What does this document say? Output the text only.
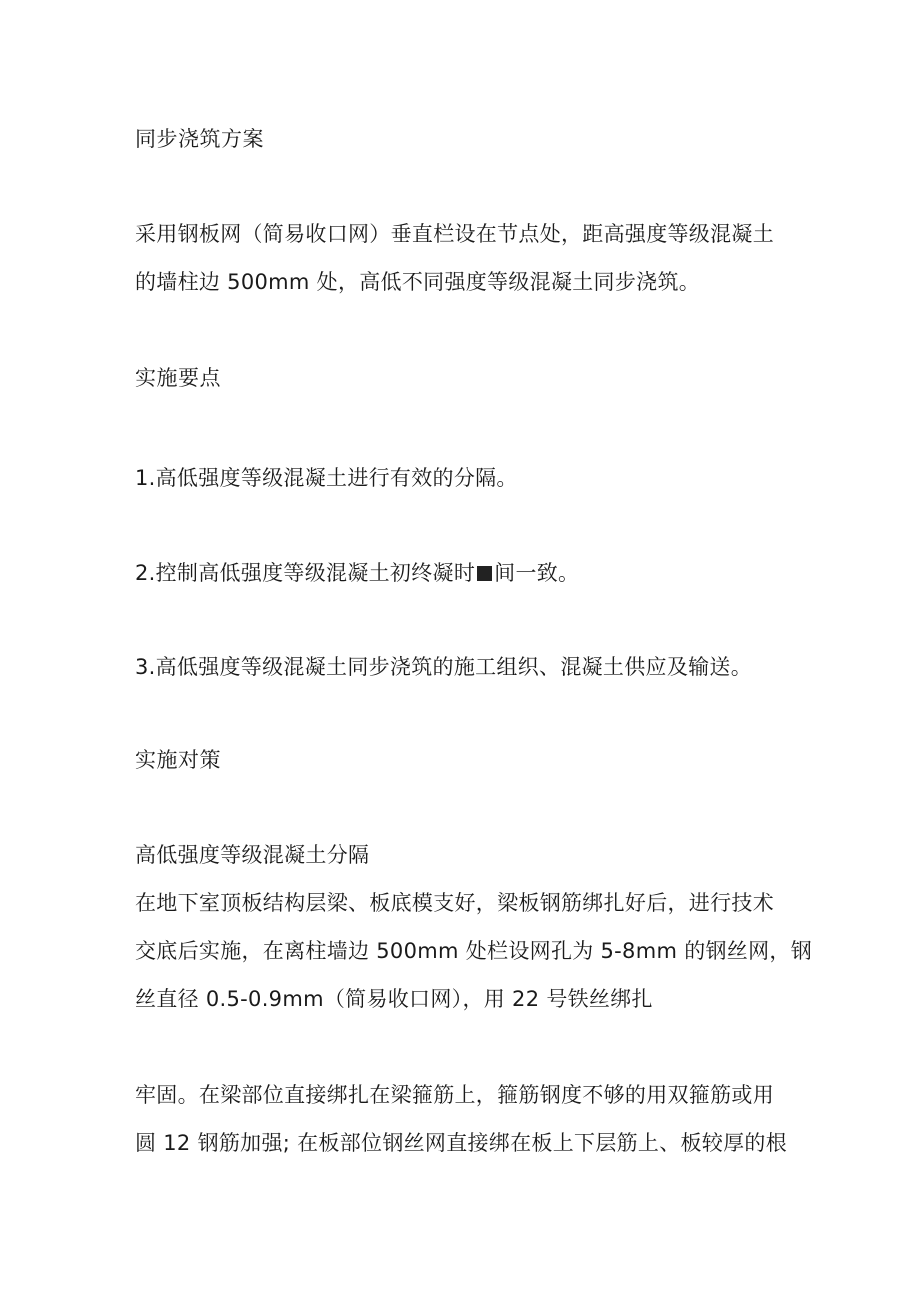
同步浇筑方案
采用钢板网（简易收口网）垂直栏设在节点处，距高强度等级混凝土
的墙柱边 500mm 处，高低不同强度等级混凝土同步浇筑。
实施要点
1.高低强度等级混凝土进行有效的分隔。
2.控制高低强度等级混凝土初终凝时 间一致。
3.高低强度等级混凝土同步浇筑的施工组织、混凝土供应及输送。
实施对策
高低强度等级混凝土分隔
在地下室顶板结构层梁、板底模支好，梁板钢筋绑扎好后，进行技术
交底后实施，在离柱墙边 500mm 处栏设网孔为 5-8mm 的钢丝网，钢
丝直径 0.5-0.9mm（简易收口网），用 22 号铁丝绑扎
牢固。在梁部位直接绑扎在梁箍筋上，箍筋钢度不够的用双箍筋或用
圆 12 钢筋加强; 在板部位钢丝网直接绑在板上下层筋上、板较厚的根
